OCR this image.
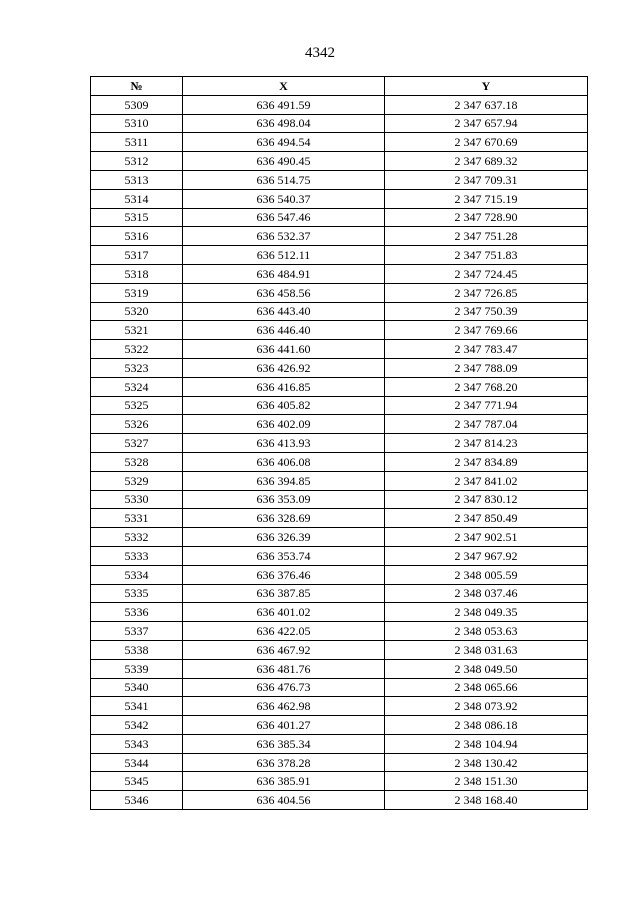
4342
№	X	Y
5309	636 491.59	2 347 637.18
5310	636 498.04	2 347 657.94
5311	636 494.54	2 347 670.69
5312	636 490.45	2 347 689.32
5313	636 514.75	2 347 709.31
5314	636 540.37	2 347 715.19
5315	636 547.46	2 347 728.90
5316	636 532.37	2 347 751.28
5317	636 512.11	2 347 751.83
5318	636 484.91	2 347 724.45
5319	636 458.56	2 347 726.85
5320	636 443.40	2 347 750.39
5321	636 446.40	2 347 769.66
5322	636 441.60	2 347 783.47
5323	636 426.92	2 347 788.09
5324	636 416.85	2 347 768.20
5325	636 405.82	2 347 771.94
5326	636 402.09	2 347 787.04
5327	636 413.93	2 347 814.23
5328	636 406.08	2 347 834.89
5329	636 394.85	2 347 841.02
5330	636 353.09	2 347 830.12
5331	636 328.69	2 347 850.49
5332	636 326.39	2 347 902.51
5333	636 353.74	2 347 967.92
5334	636 376.46	2 348 005.59
5335	636 387.85	2 348 037.46
5336	636 401.02	2 348 049.35
5337	636 422.05	2 348 053.63
5338	636 467.92	2 348 031.63
5339	636 481.76	2 348 049.50
5340	636 476.73	2 348 065.66
5341	636 462.98	2 348 073.92
5342	636 401.27	2 348 086.18
5343	636 385.34	2 348 104.94
5344	636 378.28	2 348 130.42
5345	636 385.91	2 348 151.30
5346	636 404.56	2 348 168.40
